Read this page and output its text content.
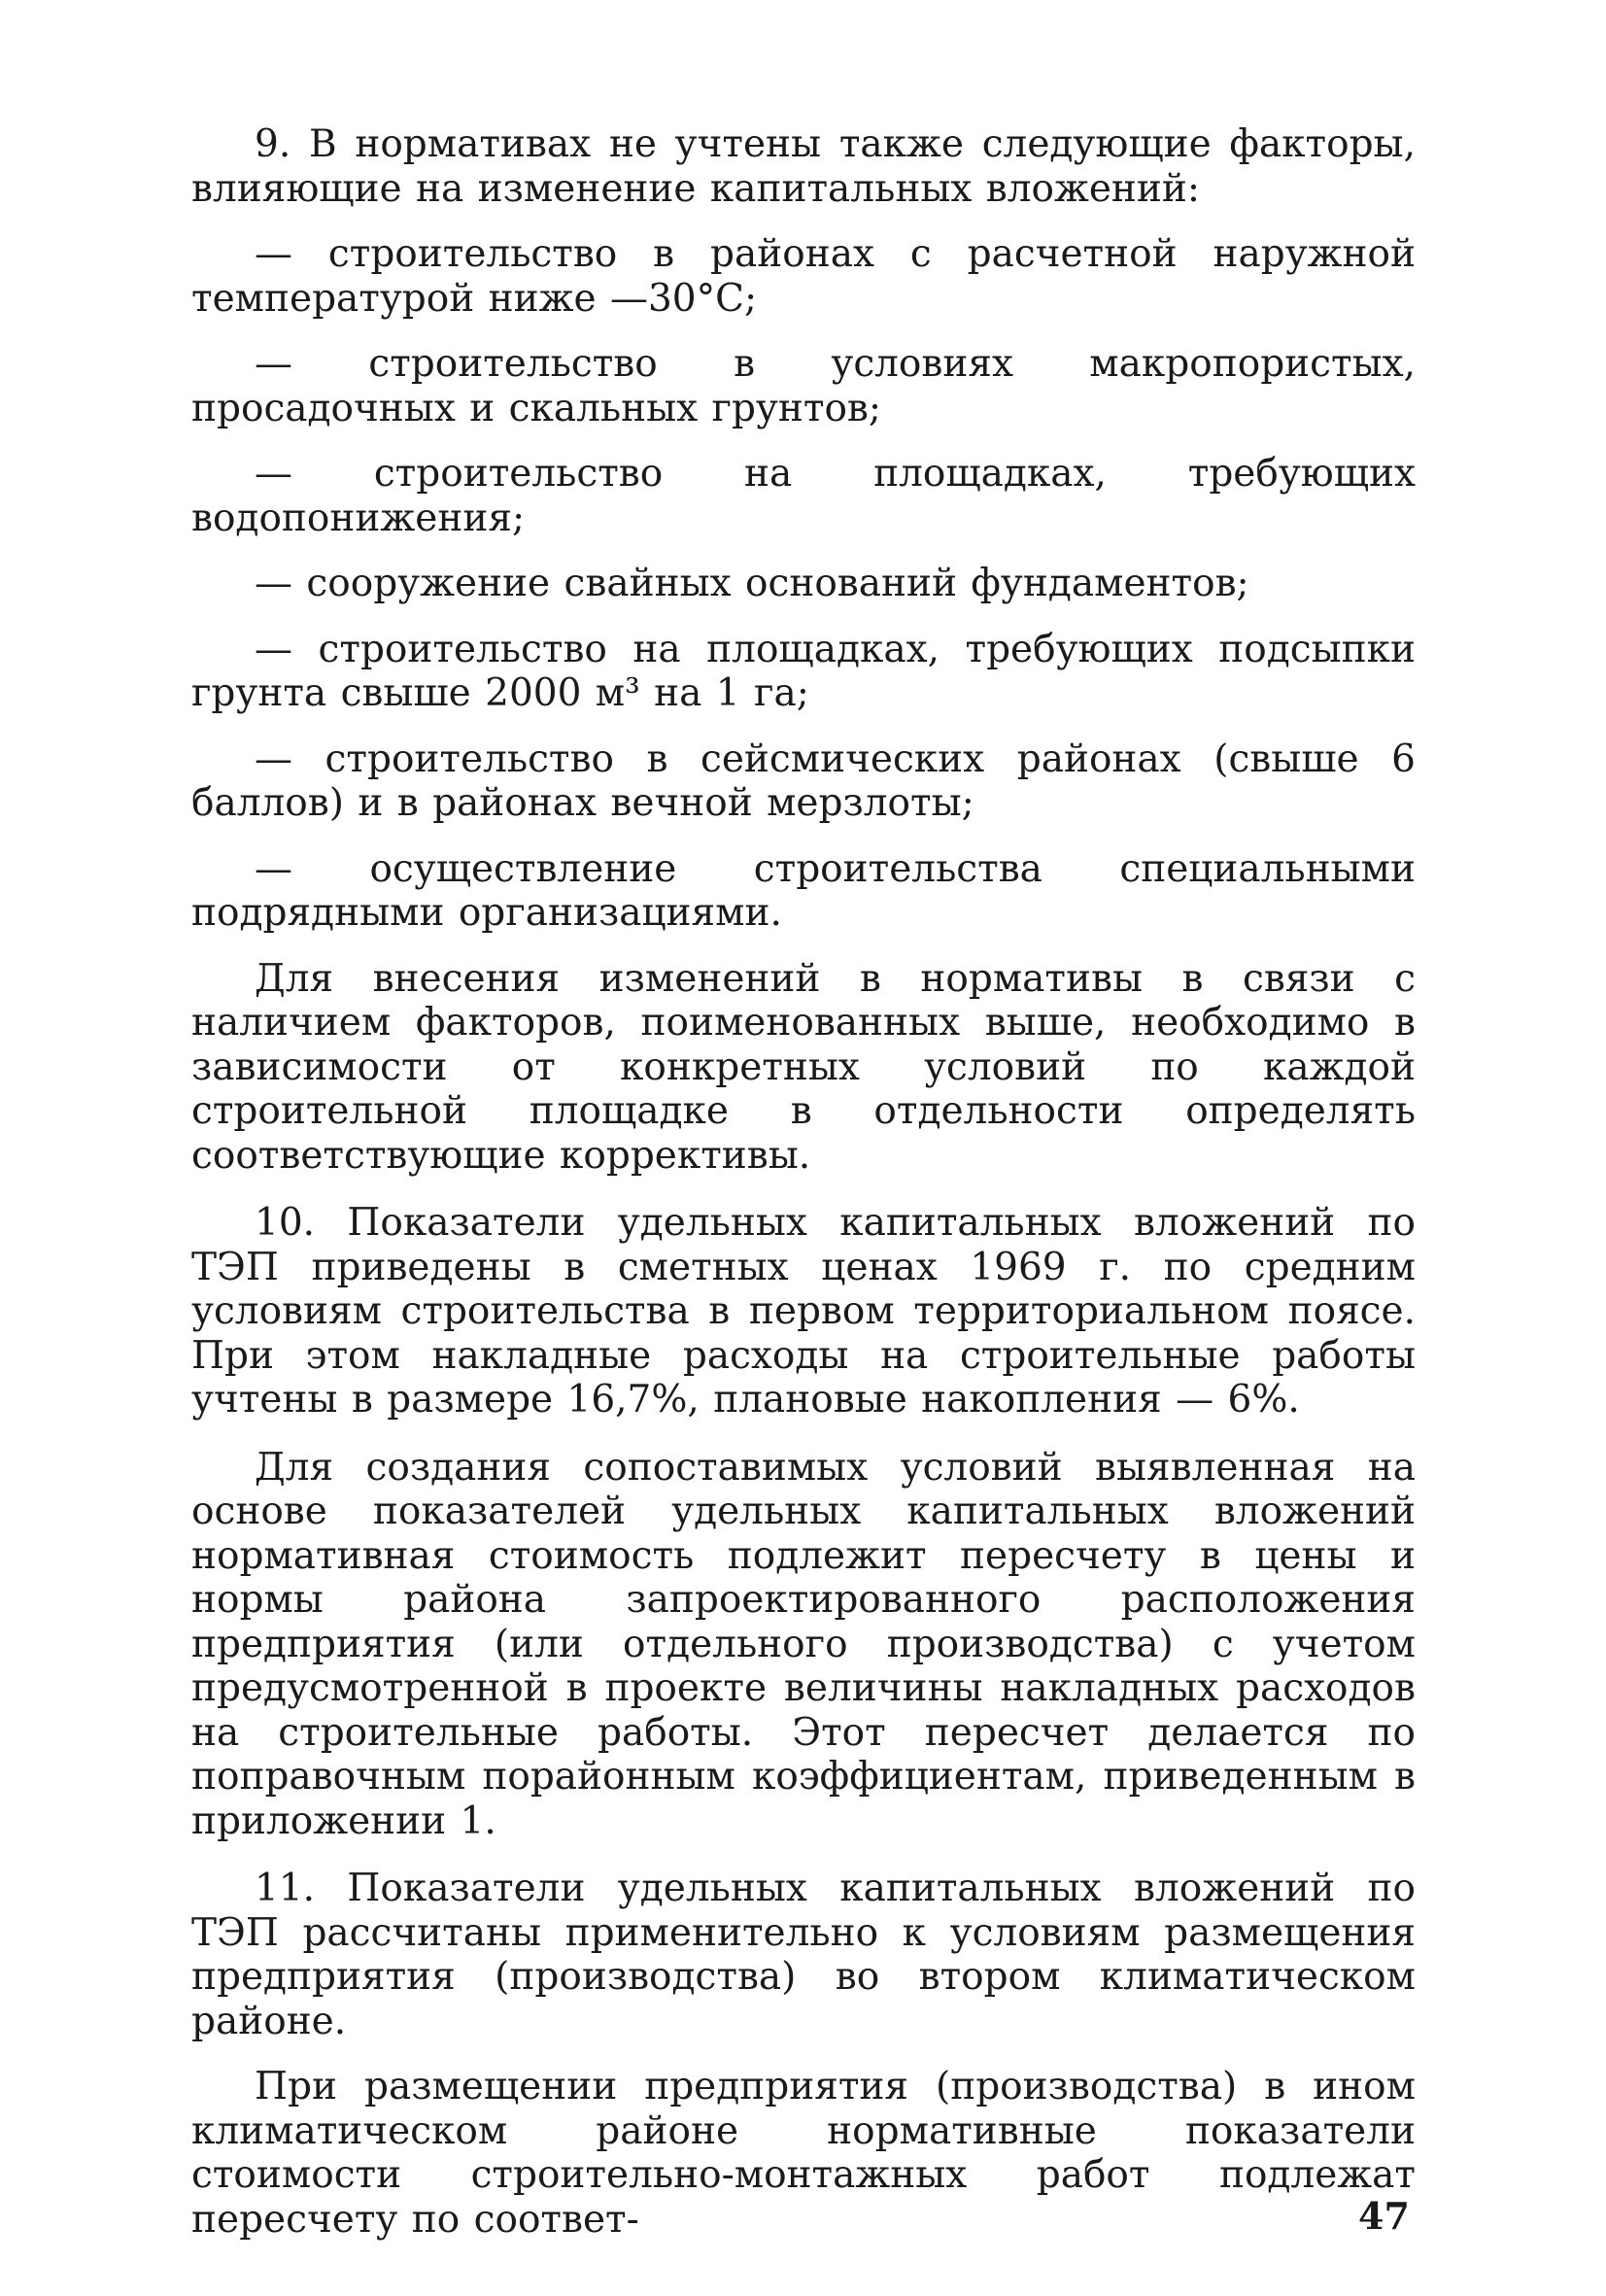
9. В нормативах не учтены также следующие факторы, влияющие на изменение капитальных вложений:

— строительство в районах с расчетной наружной температурой ниже —30°С;

— строительство в условиях макропористых, просадочных и скальных грунтов;

— строительство на площадках, требующих водопонижения;

— сооружение свайных оснований фундаментов;

— строительство на площадках, требующих подсыпки грунта свыше 2000 м³ на 1 га;

— строительство в сейсмических районах (свыше 6 баллов) и в районах вечной мерзлоты;

— осуществление строительства специальными подрядными организациями.

Для внесения изменений в нормативы в связи с наличием факторов, поименованных выше, необходимо в зависимости от конкретных условий по каждой строительной площадке в отдельности определять соответствующие коррективы.

10. Показатели удельных капитальных вложений по ТЭП приведены в сметных ценах 1969 г. по средним условиям строительства в первом территориальном поясе. При этом накладные расходы на строительные работы учтены в размере 16,7%, плановые накопления — 6%.

Для создания сопоставимых условий выявленная на основе показателей удельных капитальных вложений нормативная стоимость подлежит пересчету в цены и нормы района запроектированного расположения предприятия (или отдельного производства) с учетом предусмотренной в проекте величины накладных расходов на строительные работы. Этот пересчет делается по поправочным порайонным коэффициентам, приведенным в приложении 1.

11. Показатели удельных капитальных вложений по ТЭП рассчитаны применительно к условиям размещения предприятия (производства) во втором климатическом районе.

При размещении предприятия (производства) в ином климатическом районе нормативные показатели стоимости строительно-монтажных работ подлежат пересчету по соответ-	47
